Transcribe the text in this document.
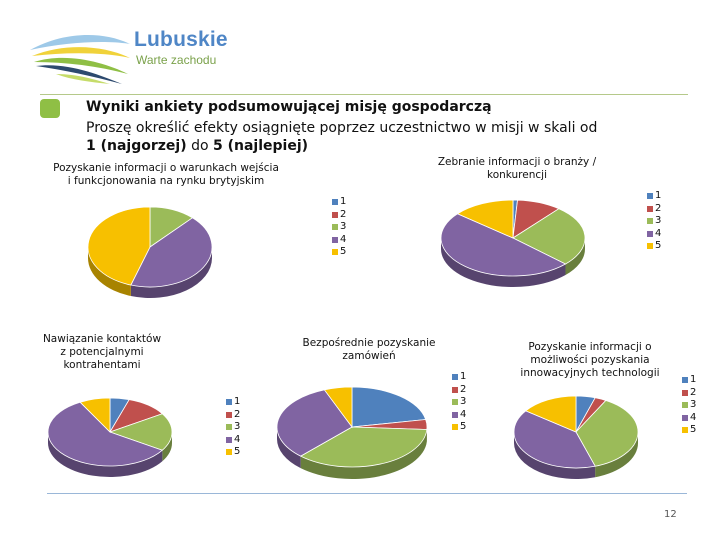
Lubuskie
Warte zachodu
Wyniki ankiety podsumowującej misję gospodarczą
Proszę określić efekty osiągnięte poprzez uczestnictwo w misji w skali od
1 (najgorzej) do 5 (najlepiej)
Pozyskanie informacji o warunkach wejścia
i funkcjonowania na rynku brytyjskim
1
2
3
4
5
Zebranie informacji o branży /
konkurencji
1
2
3
4
5
Nawiązanie kontaktów
z potencjalnymi
kontrahentami
1
2
3
4
5
Bezpośrednie pozyskanie
zamówień
1
2
3
4
5
Pozyskanie informacji o
możliwości pozyskania
innowacyjnych technologii
1
2
3
4
5
12
